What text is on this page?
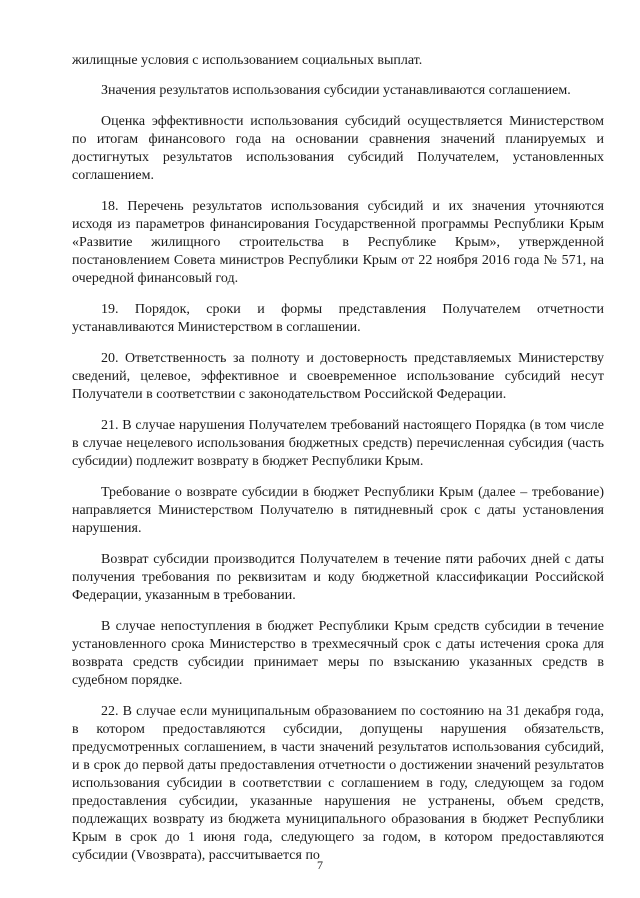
жилищные условия с использованием социальных выплат.

Значения результатов использования субсидии устанавливаются соглашением.

Оценка эффективности использования субсидий осуществляется Министерством по итогам финансового года на основании сравнения значений планируемых и достигнутых результатов использования субсидий Получателем, установленных соглашением.

18. Перечень результатов использования субсидий и их значения уточняются исходя из параметров финансирования Государственной программы Республики Крым «Развитие жилищного строительства в Республике Крым», утвержденной постановлением Совета министров Республики Крым от 22 ноября 2016 года № 571, на очередной финансовый год.

19. Порядок, сроки и формы представления Получателем отчетности устанавливаются Министерством в соглашении.

20. Ответственность за полноту и достоверность представляемых Министерству сведений, целевое, эффективное и своевременное использование субсидий несут Получатели в соответствии с законодательством Российской Федерации.

21. В случае нарушения Получателем требований настоящего Порядка (в том числе в случае нецелевого использования бюджетных средств) перечисленная субсидия (часть субсидии) подлежит возврату в бюджет Республики Крым.

Требование о возврате субсидии в бюджет Республики Крым (далее – требование) направляется Министерством Получателю в пятидневный срок с даты установления нарушения.

Возврат субсидии производится Получателем в течение пяти рабочих дней с даты получения требования по реквизитам и коду бюджетной классификации Российской Федерации, указанным в требовании.

В случае непоступления в бюджет Республики Крым средств субсидии в течение установленного срока Министерство в трехмесячный срок с даты истечения срока для возврата средств субсидии принимает меры по взысканию указанных средств в судебном порядке.

22. В случае если муниципальным образованием по состоянию на 31 декабря года, в котором предоставляются субсидии, допущены нарушения обязательств, предусмотренных соглашением, в части значений результатов использования субсидий, и в срок до первой даты предоставления отчетности о достижении значений результатов использования субсидии в соответствии с соглашением в году, следующем за годом предоставления субсидии, указанные нарушения не устранены, объем средств, подлежащих возврату из бюджета муниципального образования в бюджет Республики Крым в срок до 1 июня года, следующего за годом, в котором предоставляются субсидии (Vвозврата), рассчитывается по

7
